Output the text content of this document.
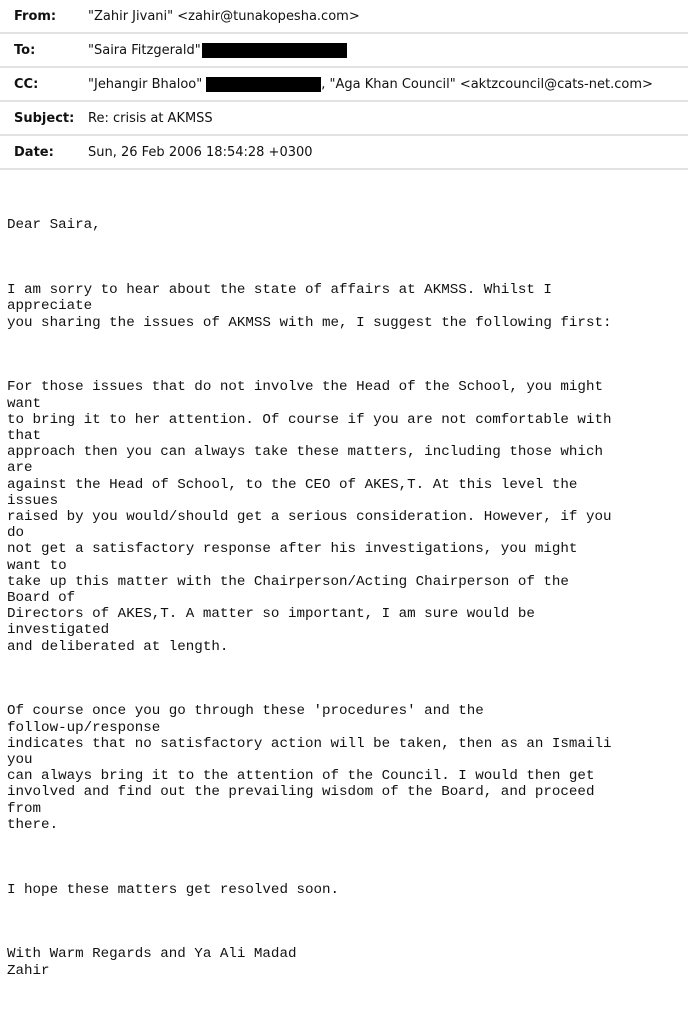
From: "Zahir Jivani" <zahir@tunakopesha.com>
To:	"Saira Fitzgerald"
CC:	"Jehangir Bhaloo"	, "Aga Khan Council" <aktzcouncil@cats-net.com>
Subject: Re: crisis at AKMSS
Date:	Sun, 26 Feb 2006 18:54:28 +0300

Dear Saira,

I am sorry to hear about the state of affairs at AKMSS. Whilst I
appreciate
you sharing the issues of AKMSS with me, I suggest the following first:

For those issues that do not involve the Head of the School, you might
want
to bring it to her attention. Of course if you are not comfortable with
that
approach then you can always take these matters, including those which
are
against the Head of School, to the CEO of AKES,T. At this level the
issues
raised by you would/should get a serious consideration. However, if you
do
not get a satisfactory response after his investigations, you might
want to
take up this matter with the Chairperson/Acting Chairperson of the
Board of
Directors of AKES,T. A matter so important, I am sure would be
investigated
and deliberated at length.

Of course once you go through these 'procedures' and the
follow-up/response
indicates that no satisfactory action will be taken, then as an Ismaili
you
can always bring it to the attention of the Council. I would then get
involved and find out the prevailing wisdom of the Board, and proceed
from
there.

I hope these matters get resolved soon.

With Warm Regards and Ya Ali Madad
Zahir
